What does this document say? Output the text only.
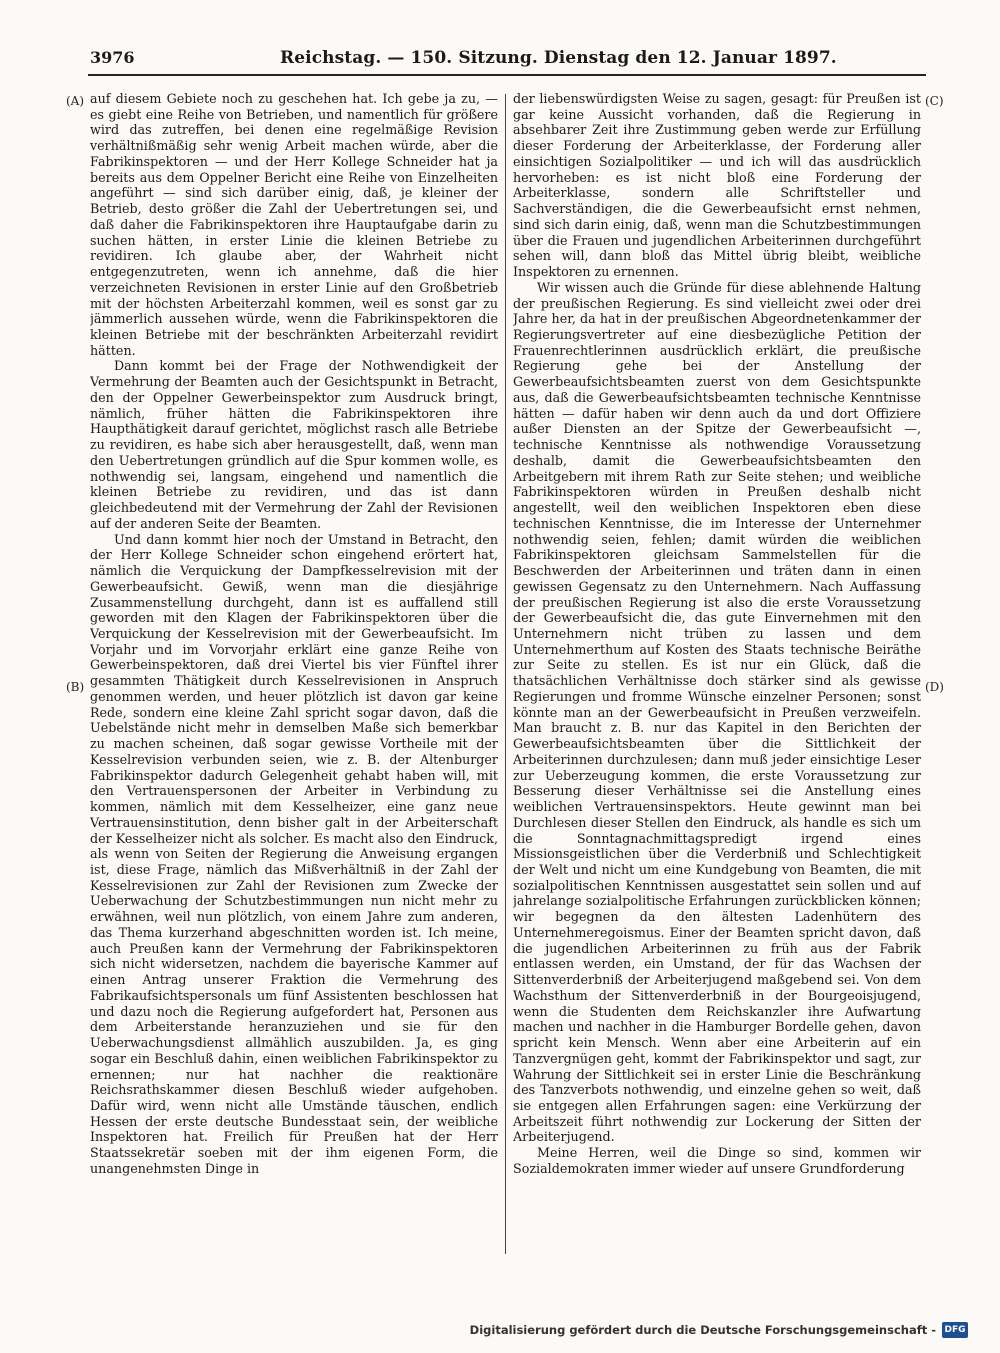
3976	Reichstag. — 150. Sitzung. Dienstag den 12. Januar 1897.
(A)
(B)
(C)
(D)

auf diesem Gebiete noch zu geschehen hat. Ich gebe ja zu, — es giebt eine Reihe von Betrieben, und namentlich für größere wird das zutreffen, bei denen eine regelmäßige Revision verhältnißmäßig sehr wenig Arbeit machen würde, aber die Fabrikinspektoren — und der Herr Kollege Schneider hat ja bereits aus dem Oppelner Bericht eine Reihe von Einzelheiten angeführt — sind sich darüber einig, daß, je kleiner der Betrieb, desto größer die Zahl der Uebertretungen sei, und daß daher die Fabrikinspektoren ihre Hauptaufgabe darin zu suchen hätten, in erster Linie die kleinen Betriebe zu revidiren. Ich glaube aber, der Wahrheit nicht entgegenzutreten, wenn ich annehme, daß die hier verzeichneten Revisionen in erster Linie auf den Großbetrieb mit der höchsten Arbeiterzahl kommen, weil es sonst gar zu jämmerlich aussehen würde, wenn die Fabrikinspektoren die kleinen Betriebe mit der beschränkten Arbeiterzahl revidirt hätten.

Dann kommt bei der Frage der Nothwendigkeit der Vermehrung der Beamten auch der Gesichtspunkt in Betracht, den der Oppelner Gewerbeinspektor zum Ausdruck bringt, nämlich, früher hätten die Fabrikinspektoren ihre Haupthätigkeit darauf gerichtet, möglichst rasch alle Betriebe zu revidiren, es habe sich aber herausgestellt, daß, wenn man den Uebertretungen gründlich auf die Spur kommen wolle, es nothwendig sei, langsam, eingehend und namentlich die kleinen Betriebe zu revidiren, und das ist dann gleichbedeutend mit der Vermehrung der Zahl der Revisionen auf der anderen Seite der Beamten.

Und dann kommt hier noch der Umstand in Betracht, den der Herr Kollege Schneider schon eingehend erörtert hat, nämlich die Verquickung der Dampfkesselrevision mit der Gewerbeaufsicht. Gewiß, wenn man die diesjährige Zusammenstellung durchgeht, dann ist es auffallend still geworden mit den Klagen der Fabrikinspektoren über die Verquickung der Kesselrevision mit der Gewerbeaufsicht. Im Vorjahr und im Vorvorjahr erklärt eine ganze Reihe von Gewerbeinspektoren, daß drei Viertel bis vier Fünftel ihrer gesammten Thätigkeit durch Kesselrevisionen in Anspruch genommen werden, und heuer plötzlich ist davon gar keine Rede, sondern eine kleine Zahl spricht sogar davon, daß die Uebelstände nicht mehr in demselben Maße sich bemerkbar zu machen scheinen, daß sogar gewisse Vortheile mit der Kesselrevision verbunden seien, wie z. B. der Altenburger Fabrikinspektor dadurch Gelegenheit gehabt haben will, mit den Vertrauenspersonen der Arbeiter in Verbindung zu kommen, nämlich mit dem Kesselheizer, eine ganz neue Vertrauensinstitution, denn bisher galt in der Arbeiterschaft der Kesselheizer nicht als solcher. Es macht also den Eindruck, als wenn von Seiten der Regierung die Anweisung ergangen ist, diese Frage, nämlich das Mißverhältniß in der Zahl der Kesselrevisionen zur Zahl der Revisionen zum Zwecke der Ueberwachung der Schutzbestimmungen nun nicht mehr zu erwähnen, weil nun plötzlich, von einem Jahre zum anderen, das Thema kurzerhand abgeschnitten worden ist. Ich meine, auch Preußen kann der Vermehrung der Fabrikinspektoren sich nicht widersetzen, nachdem die bayerische Kammer auf einen Antrag unserer Fraktion die Vermehrung des Fabrikaufsichtspersonals um fünf Assistenten beschlossen hat und dazu noch die Regierung aufgefordert hat, Personen aus dem Arbeiterstande heranzuziehen und sie für den Ueberwachungsdienst allmählich auszubilden. Ja, es ging sogar ein Beschluß dahin, einen weiblichen Fabrikinspektor zu ernennen; nur hat nachher die reaktionäre Reichsrathskammer diesen Beschluß wieder aufgehoben. Dafür wird, wenn nicht alle Umstände täuschen, endlich Hessen der erste deutsche Bundesstaat sein, der weibliche Inspektoren hat. Freilich für Preußen hat der Herr Staatssekretär soeben mit der ihm eigenen Form, die unangenehmsten Dinge in

der liebenswürdigsten Weise zu sagen, gesagt: für Preußen ist gar keine Aussicht vorhanden, daß die Regierung in absehbarer Zeit ihre Zustimmung geben werde zur Erfüllung dieser Forderung der Arbeiterklasse, der Forderung aller einsichtigen Sozialpolitiker — und ich will das ausdrücklich hervorheben: es ist nicht bloß eine Forderung der Arbeiterklasse, sondern alle Schriftsteller und Sachverständigen, die die Gewerbeaufsicht ernst nehmen, sind sich darin einig, daß, wenn man die Schutzbestimmungen über die Frauen und jugendlichen Arbeiterinnen durchgeführt sehen will, dann bloß das Mittel übrig bleibt, weibliche Inspektoren zu ernennen.

Wir wissen auch die Gründe für diese ablehnende Haltung der preußischen Regierung. Es sind vielleicht zwei oder drei Jahre her, da hat in der preußischen Abgeordnetenkammer der Regierungsvertreter auf eine diesbezügliche Petition der Frauenrechtlerinnen ausdrücklich erklärt, die preußische Regierung gehe bei der Anstellung der Gewerbeaufsichtsbeamten zuerst von dem Gesichtspunkte aus, daß die Gewerbeaufsichtsbeamten technische Kenntnisse hätten — dafür haben wir denn auch da und dort Offiziere außer Diensten an der Spitze der Gewerbeaufsicht —, technische Kenntnisse als nothwendige Voraussetzung deshalb, damit die Gewerbeaufsichtsbeamten den Arbeitgebern mit ihrem Rath zur Seite stehen; und weibliche Fabrikinspektoren würden in Preußen deshalb nicht angestellt, weil den weiblichen Inspektoren eben diese technischen Kenntnisse, die im Interesse der Unternehmer nothwendig seien, fehlen; damit würden die weiblichen Fabrikinspektoren gleichsam Sammelstellen für die Beschwerden der Arbeiterinnen und träten dann in einen gewissen Gegensatz zu den Unternehmern. Nach Auffassung der preußischen Regierung ist also die erste Voraussetzung der Gewerbeaufsicht die, das gute Einvernehmen mit den Unternehmern nicht trüben zu lassen und dem Unternehmerthum auf Kosten des Staats technische Beiräthe zur Seite zu stellen. Es ist nur ein Glück, daß die thatsächlichen Verhältnisse doch stärker sind als gewisse Regierungen und fromme Wünsche einzelner Personen; sonst könnte man an der Gewerbeaufsicht in Preußen verzweifeln. Man braucht z. B. nur das Kapitel in den Berichten der Gewerbeaufsichtsbeamten über die Sittlichkeit der Arbeiterinnen durchzulesen; dann muß jeder einsichtige Leser zur Ueberzeugung kommen, die erste Voraussetzung zur Besserung dieser Verhältnisse sei die Anstellung eines weiblichen Vertrauensinspektors. Heute gewinnt man bei Durchlesen dieser Stellen den Eindruck, als handle es sich um die Sonntagnachmittagspredigt irgend eines Missionsgeistlichen über die Verderbniß und Schlechtigkeit der Welt und nicht um eine Kundgebung von Beamten, die mit sozialpolitischen Kenntnissen ausgestattet sein sollen und auf jahrelange sozialpolitische Erfahrungen zurückblicken können; wir begegnen da den ältesten Ladenhütern des Unternehmeregoismus. Einer der Beamten spricht davon, daß die jugendlichen Arbeiterinnen zu früh aus der Fabrik entlassen werden, ein Umstand, der für das Wachsen der Sittenverderbniß der Arbeiterjugend maßgebend sei. Von dem Wachsthum der Sittenverderbniß in der Bourgeoisjugend, wenn die Studenten dem Reichskanzler ihre Aufwartung machen und nachher in die Hamburger Bordelle gehen, davon spricht kein Mensch. Wenn aber eine Arbeiterin auf ein Tanzvergnügen geht, kommt der Fabrikinspektor und sagt, zur Wahrung der Sittlichkeit sei in erster Linie die Beschränkung des Tanzverbots nothwendig, und einzelne gehen so weit, daß sie entgegen allen Erfahrungen sagen: eine Verkürzung der Arbeitszeit führt nothwendig zur Lockerung der Sitten der Arbeiterjugend.

Meine Herren, weil die Dinge so sind, kommen wir Sozialdemokraten immer wieder auf unsere Grundforderung

Digitalisierung gefördert durch die Deutsche Forschungsgemeinschaft - DFG
